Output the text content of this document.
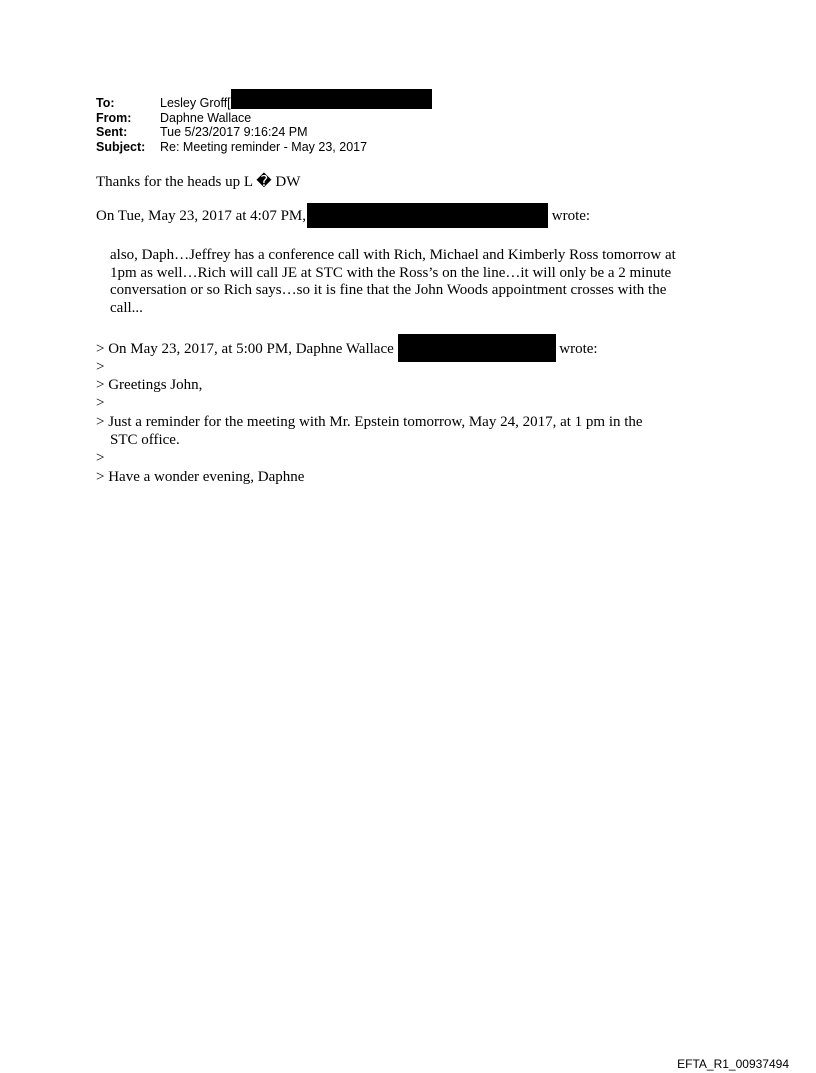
To:	Lesley Groff[
From:	Daphne Wallace
Sent:	Tue 5/23/2017 9:16:24 PM
Subject:	Re: Meeting reminder - May 23, 2017
Thanks for the heads up L � DW
On Tue, May 23, 2017 at 4:07 PM,	wrote:
also, Daph…Jeffrey has a conference call with Rich, Michael and Kimberly Ross tomorrow at
1pm as well…Rich will call JE at STC with the Ross’s on the line…it will only be a 2 minute
conversation or so Rich says…so it is fine that the John Woods appointment crosses with the
call...
> On May 23, 2017, at 5:00 PM, Daphne Wallace	wrote:
>
> Greetings John,
>
> Just a reminder for the meeting with Mr. Epstein tomorrow, May 24, 2017, at 1 pm in the
STC office.
>
> Have a wonder evening, Daphne
EFTA_R1_00937494
